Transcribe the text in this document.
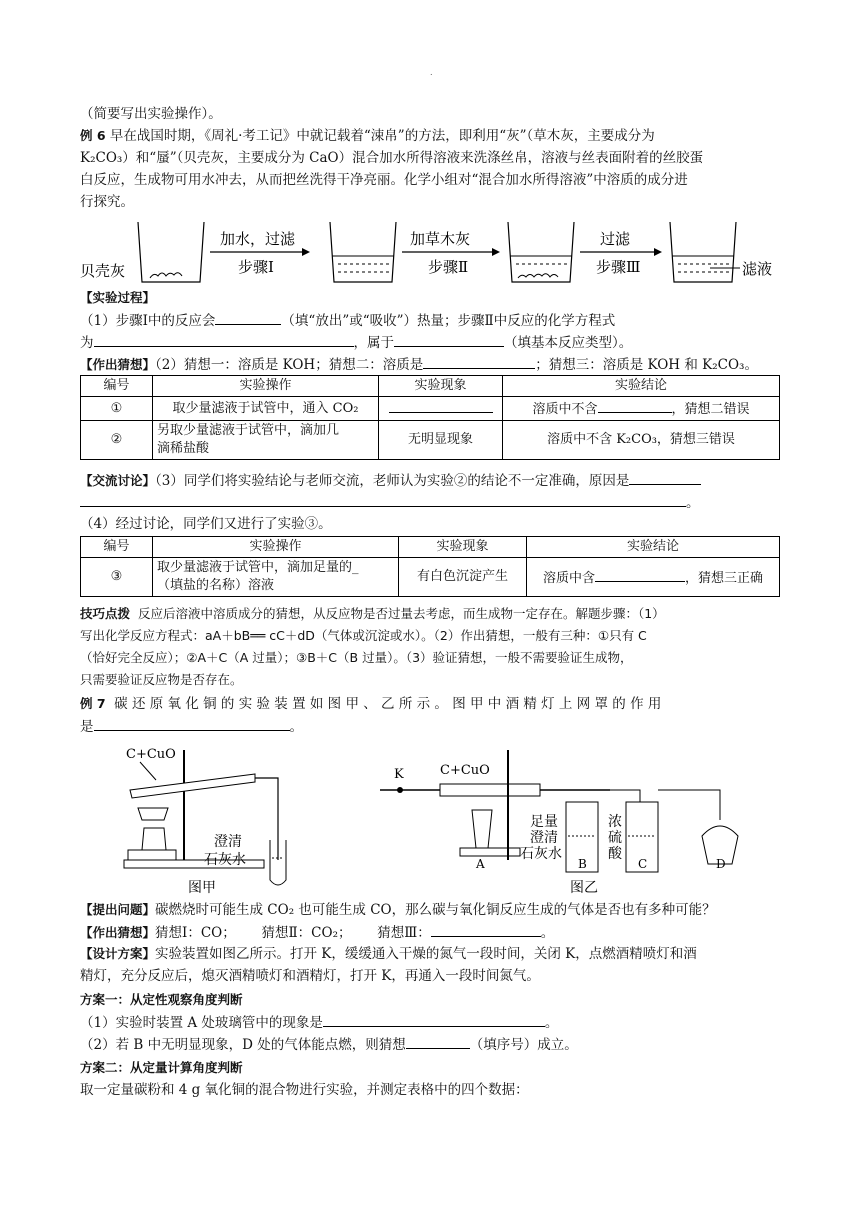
.
（简要写出实验操作）。
例 6 早在战国时期，《周礼·考工记》中就记载着“涑帛”的方法，即利用“灰”（草木灰，主要成分为
K₂CO₃）和“蜃”（贝壳灰，主要成分为 CaO）混合加水所得溶液来洗涤丝帛，溶液与丝表面附着的丝胶蛋
白反应，生成物可用水冲去，从而把丝洗得干净亮丽。化学小组对“混合加水所得溶液”中溶质的成分进
行探究。
贝壳灰
加水，过滤
步骤Ⅰ
加草木灰
步骤Ⅱ
过滤
步骤Ⅲ	滤液
【实验过程】
（1）步骤Ⅰ中的反应会	（填“放出”或“吸收”）热量；步骤Ⅱ中反应的化学方程式
为	，属于	（填基本反应类型）。
【作出猜想】（2）猜想一：溶质是 KOH；猜想二：溶质是	；猜想三：溶质是 KOH 和 K₂CO₃。
编号	实验操作	实验现象	实验结论
①	取少量滤液于试管中，通入 CO₂		溶质中不含 ，猜想二错误
②	另取少量滤液于试管中，滴加几
滴稀盐酸	无明显现象	溶质中不含 K₂CO₃，猜想三错误
【交流讨论】（3）同学们将实验结论与老师交流，老师认为实验②的结论不一定准确，原因是
。
（4）经过讨论，同学们又进行了实验③。
编号	实验操作	实验现象	实验结论
③	取少量滤液于试管中，滴加足量的_
（填盐的名称）溶液	有白色沉淀产生	溶质中含 ，猜想三正确
技巧点拨 反应后溶液中溶质成分的猜想，从反应物是否过量去考虑，而生成物一定存在。解题步骤：（1）
写出化学反应方程式：aA＋bB══ cC＋dD（气体或沉淀或水）。（2）作出猜想，一般有三种：①只有 C
（恰好完全反应）；②A＋C（A 过量）；③B＋C（B 过量）。（3）验证猜想，一般不需要验证生成物，
只需要验证反应物是否存在。
例 7 碳 还 原 氧 化 铜 的 实 验 装 置 如 图 甲 、 乙 所 示 。 图 甲 中 酒 精 灯 上 网 罩 的 作 用
是	。
C+CuO
澄清
石灰水
图甲
K	C+CuO
足量
澄清
石灰水
浓
硫
酸
A	B	C	D
图乙
【提出问题】碳燃烧时可能生成 CO₂ 也可能生成 CO，那么碳与氧化铜反应生成的气体是否也有多种可能？
【作出猜想】猜想Ⅰ：CO； 猜想Ⅱ：CO₂； 猜想Ⅲ：	。
【设计方案】实验装置如图乙所示。打开 K，缓缓通入干燥的氮气一段时间，关闭 K，点燃酒精喷灯和酒
精灯，充分反应后，熄灭酒精喷灯和酒精灯，打开 K，再通入一段时间氮气。
方案一：从定性观察角度判断
（1）实验时装置 A 处玻璃管中的现象是	。
（2）若 B 中无明显现象，D 处的气体能点燃，则猜想	（填序号）成立。
方案二：从定量计算角度判断
取一定量碳粉和 4 g 氧化铜的混合物进行实验，并测定表格中的四个数据：
